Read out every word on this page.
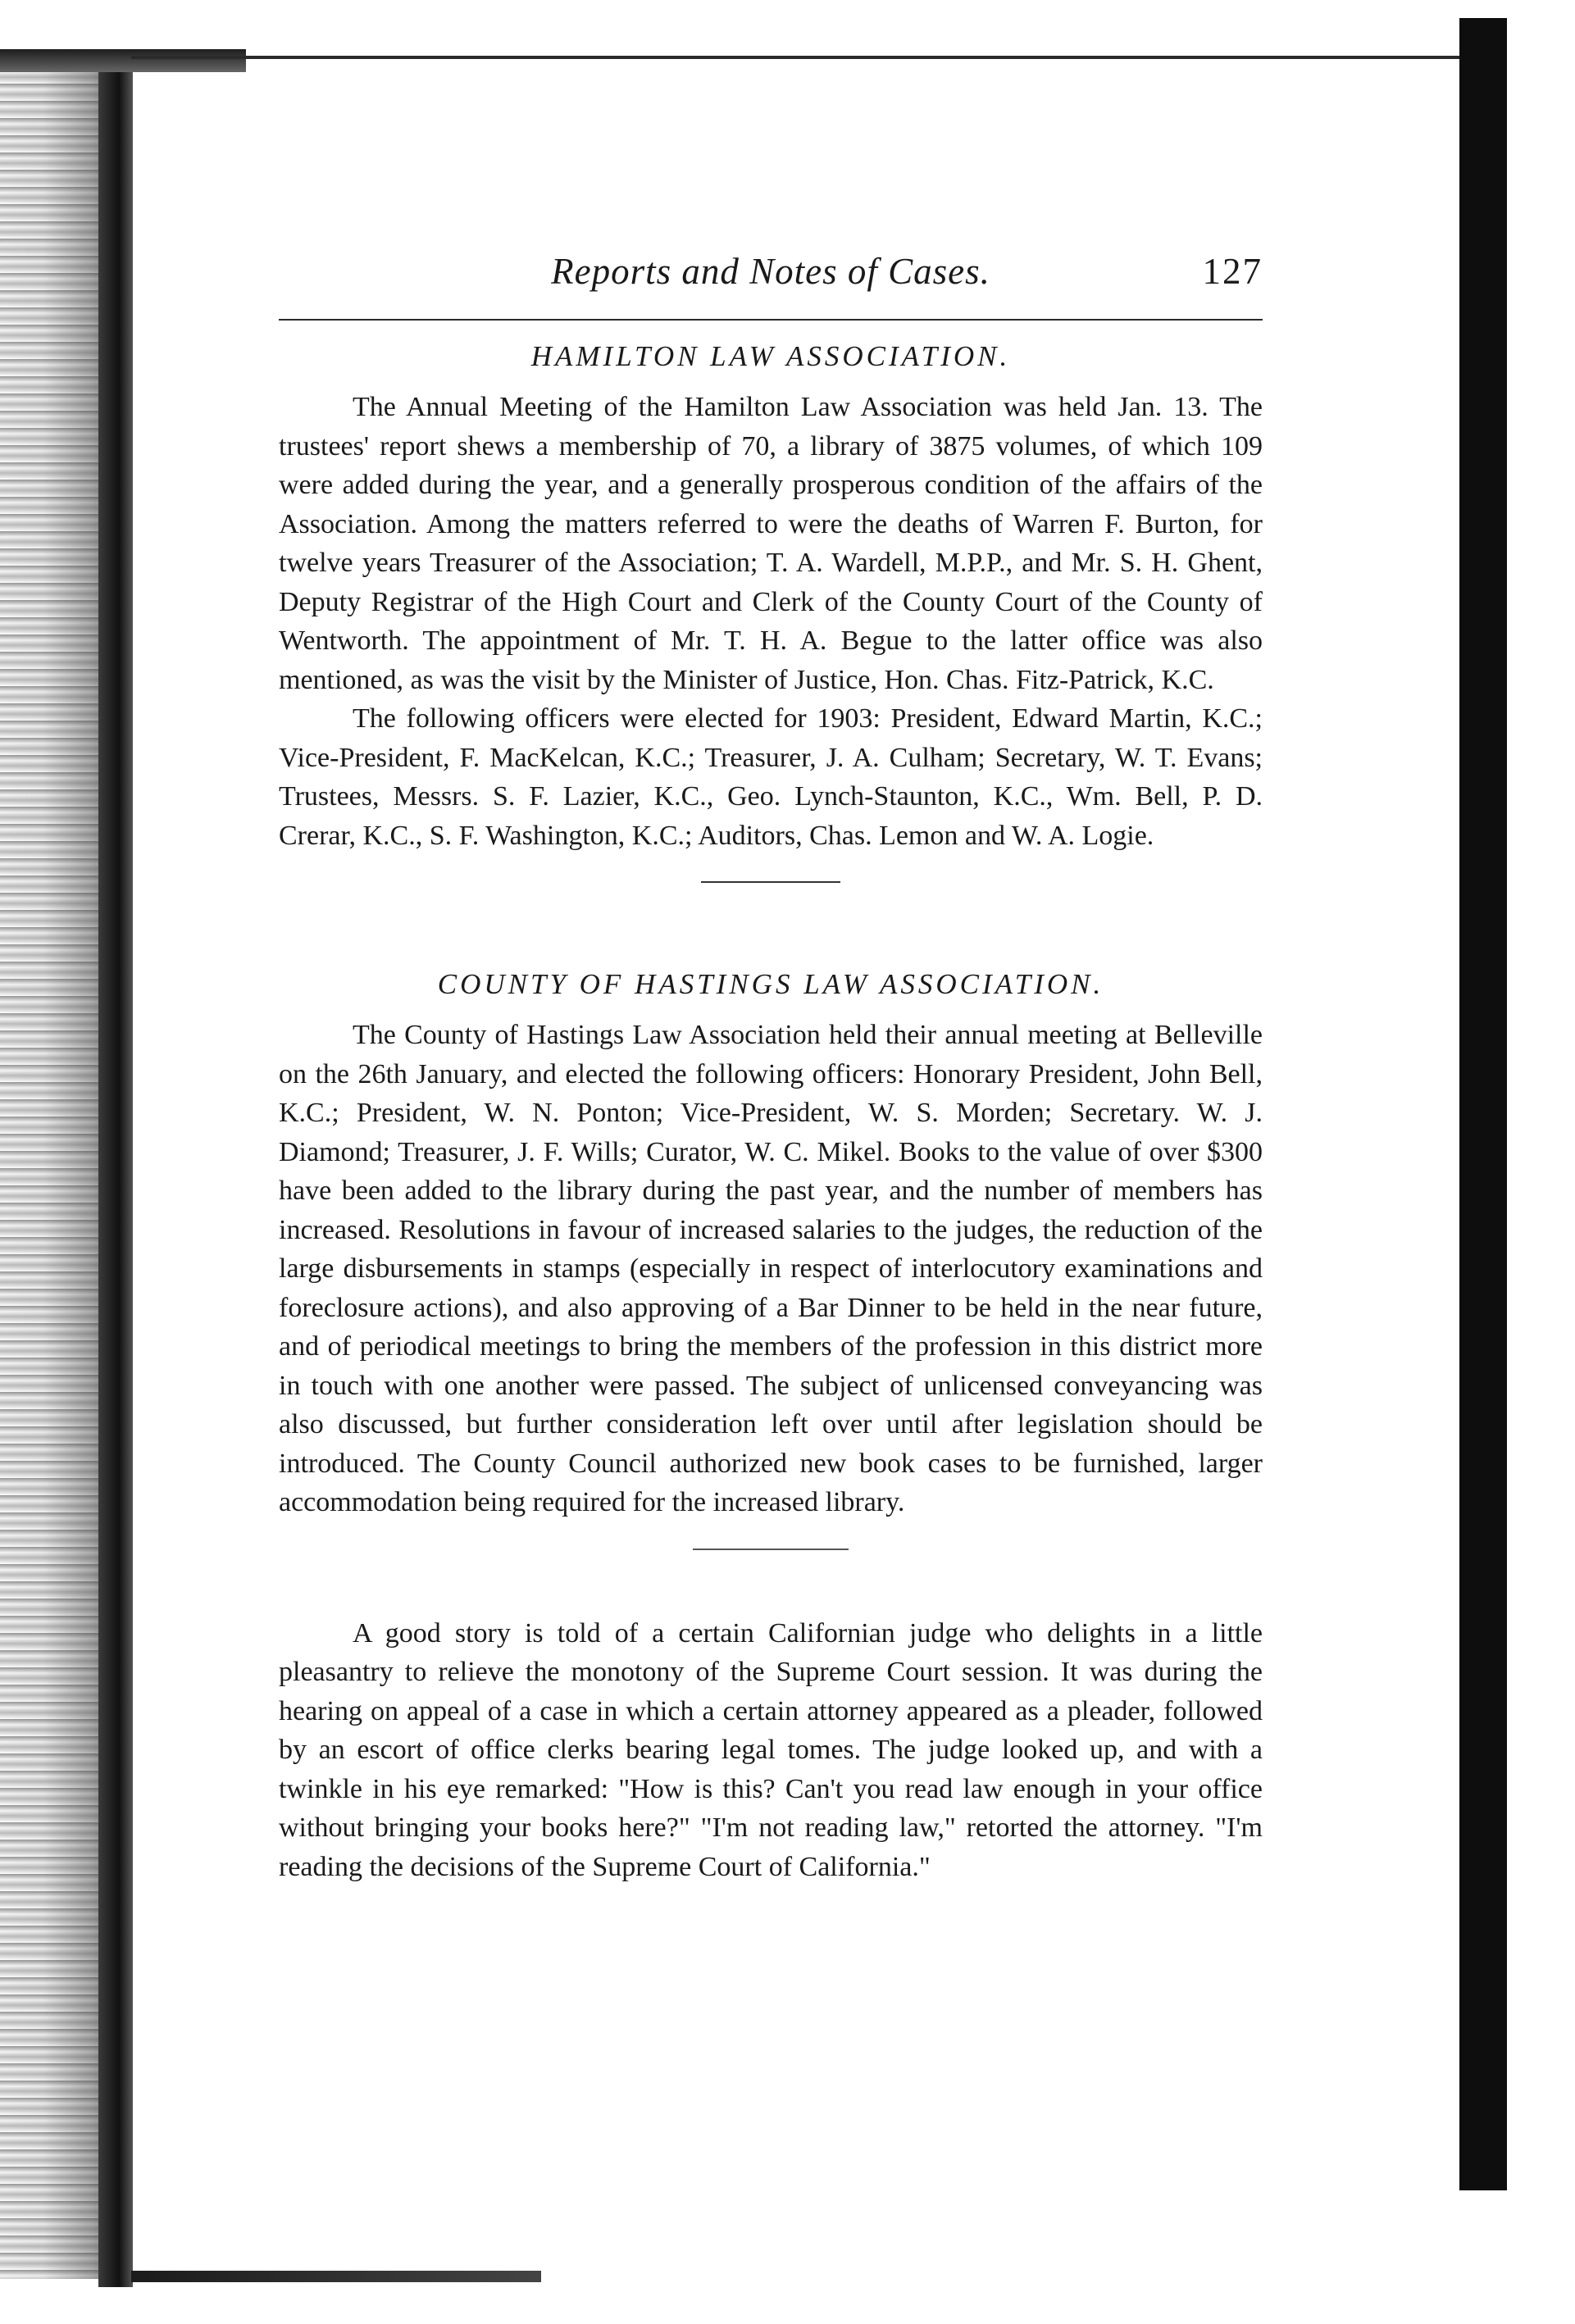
Reports and Notes of Cases.	127
HAMILTON LAW ASSOCIATION.

The Annual Meeting of the Hamilton Law Association was held Jan. 13. The trustees' report shews a membership of 70, a library of 3875 volumes, of which 109 were added during the year, and a generally prosperous condition of the affairs of the Association. Among the matters referred to were the deaths of Warren F. Burton, for twelve years Treasurer of the Association; T. A. Wardell, M.P.P., and Mr. S. H. Ghent, Deputy Registrar of the High Court and Clerk of the County Court of the County of Wentworth. The appointment of Mr. T. H. A. Begue to the latter office was also mentioned, as was the visit by the Minister of Justice, Hon. Chas. Fitz-Patrick, K.C.

The following officers were elected for 1903: President, Edward Martin, K.C.; Vice-President, F. MacKelcan, K.C.; Treasurer, J. A. Culham; Secretary, W. T. Evans; Trustees, Messrs. S. F. Lazier, K.C., Geo. Lynch-Staunton, K.C., Wm. Bell, P. D. Crerar, K.C., S. F. Washington, K.C.; Auditors, Chas. Lemon and W. A. Logie.

COUNTY OF HASTINGS LAW ASSOCIATION.

The County of Hastings Law Association held their annual meeting at Belleville on the 26th January, and elected the following officers: Honorary President, John Bell, K.C.; President, W. N. Ponton; Vice-President, W. S. Morden; Secretary. W. J. Diamond; Treasurer, J. F. Wills; Curator, W. C. Mikel. Books to the value of over $300 have been added to the library during the past year, and the number of members has increased. Resolutions in favour of increased salaries to the judges, the reduction of the large disbursements in stamps (especially in respect of interlocutory examinations and foreclosure actions), and also approving of a Bar Dinner to be held in the near future, and of periodical meetings to bring the members of the profession in this district more in touch with one another were passed. The subject of unlicensed conveyancing was also discussed, but further consideration left over until after legislation should be introduced. The County Council authorized new book cases to be furnished, larger accommodation being required for the increased library.

A good story is told of a certain Californian judge who delights in a little pleasantry to relieve the monotony of the Supreme Court session. It was during the hearing on appeal of a case in which a certain attorney appeared as a pleader, followed by an escort of office clerks bearing legal tomes. The judge looked up, and with a twinkle in his eye remarked: "How is this? Can't you read law enough in your office without bringing your books here?" "I'm not reading law," retorted the attorney. "I'm reading the decisions of the Supreme Court of California."
